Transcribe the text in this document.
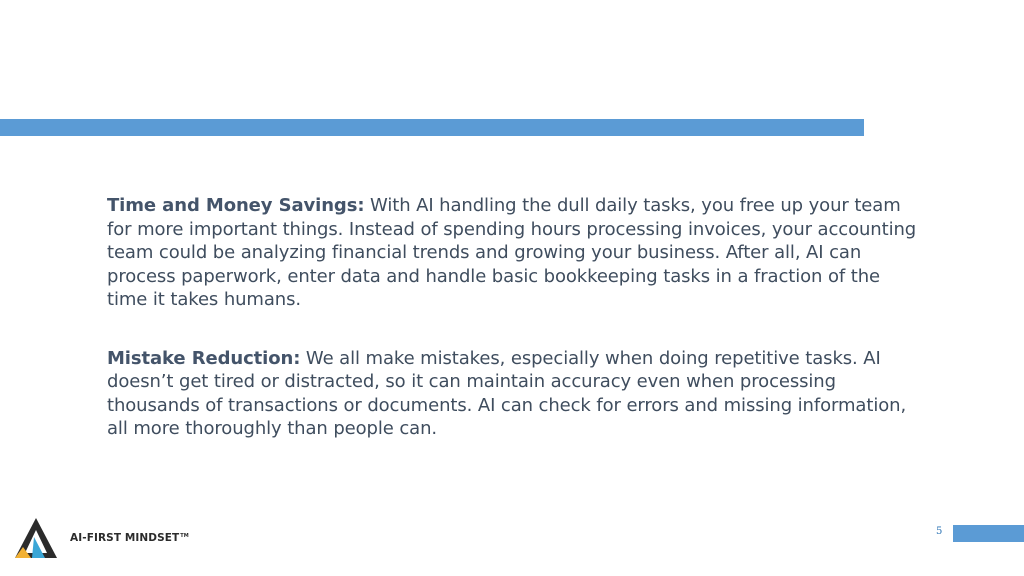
Time and Money Savings: With AI handling the dull daily tasks, you free up your team for more important things. Instead of spending hours processing invoices, your accounting team could be analyzing financial trends and growing your business. After all, AI can process paperwork, enter data and handle basic bookkeeping tasks in a fraction of the time it takes humans.

Mistake Reduction: We all make mistakes, especially when doing repetitive tasks. AI doesn’t get tired or distracted, so it can maintain accuracy even when processing thousands of transactions or documents. AI can check for errors and missing information, all more thoroughly than people can.

AI-FIRST MINDSET TM	5
